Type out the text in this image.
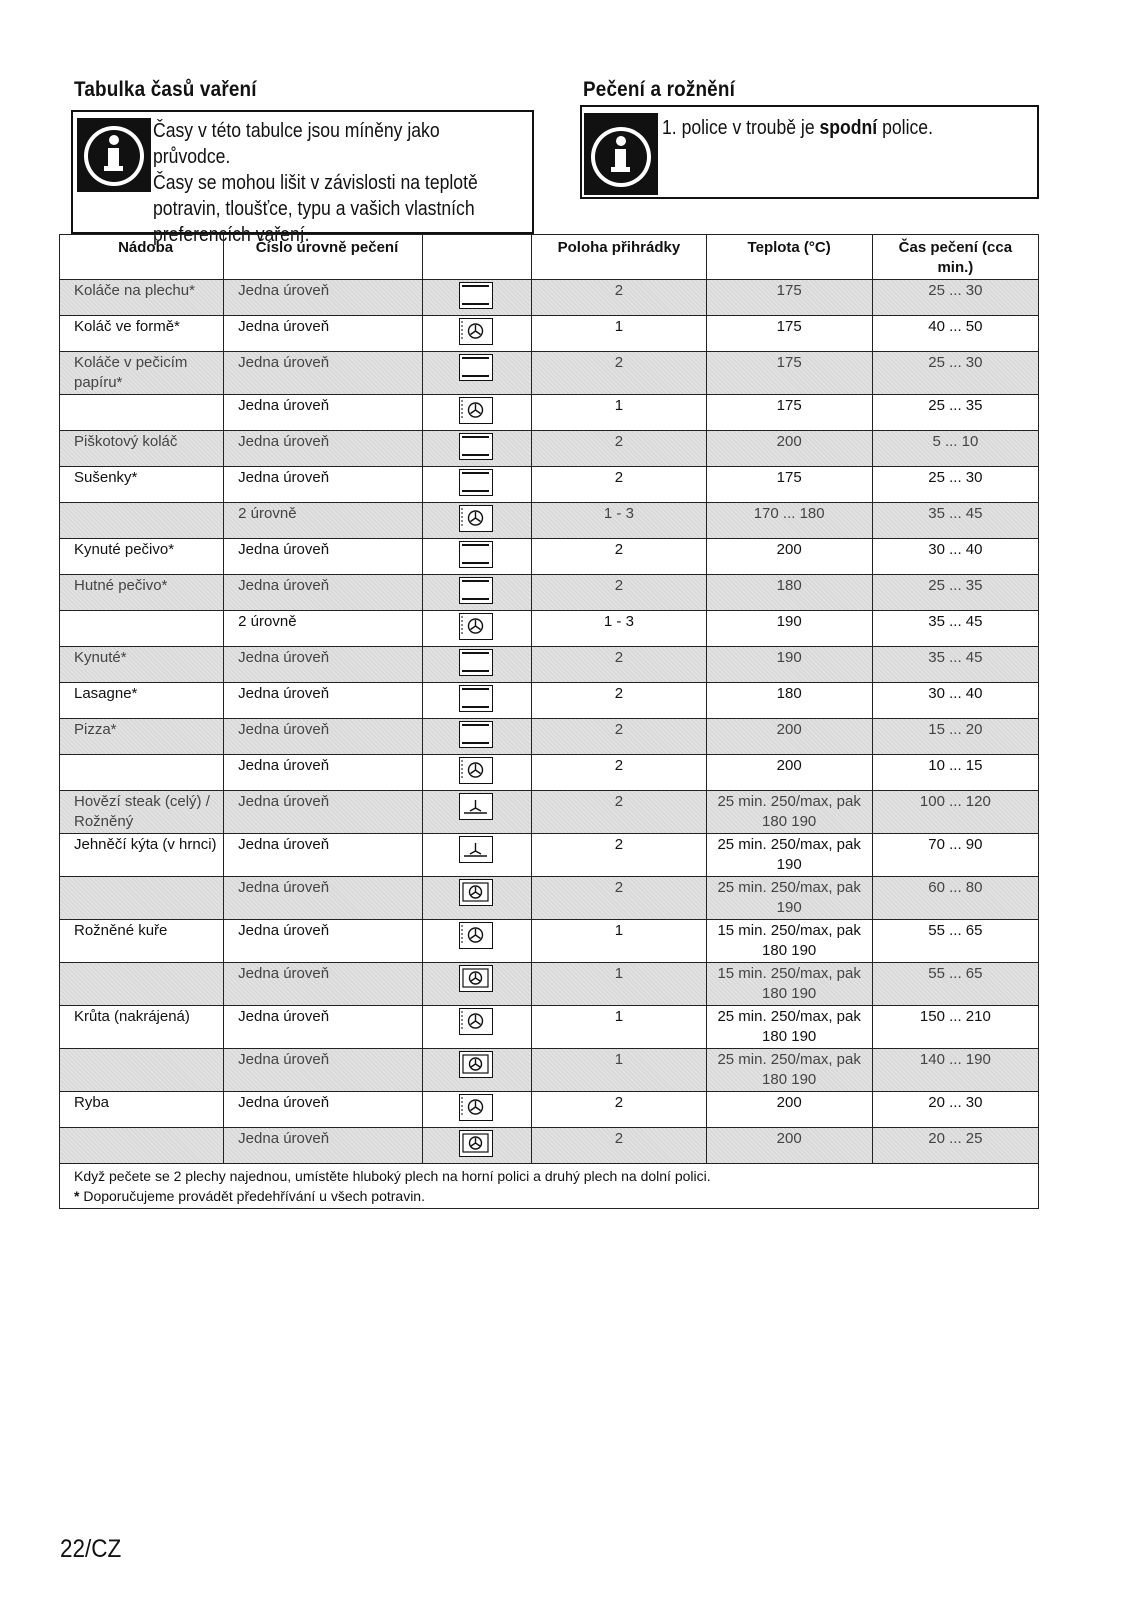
Tabulka časů vaření	Pečení a rožnění
Časy v této tabulce jsou míněny jako průvodce.
Časy se mohou lišit v závislosti na teplotě
potravin, tloušťce, typu a vašich vlastních
preferencích vaření.
1. police v troubě je spodní police.
Nádoba	Číslo úrovně pečení		Poloha přihrádky	Teplota (°C)	Čas pečení (cca min.)
Koláče na plechu*	Jedna úroveň		2	175	25 ... 30
Koláč ve formě*	Jedna úroveň		1	175	40 ... 50
Koláče v pečicím papíru*	Jedna úroveň		2	175	25 ... 30
	Jedna úroveň		1	175	25 ... 35
Piškotový koláč	Jedna úroveň		2	200	5 ... 10
Sušenky*	Jedna úroveň		2	175	25 ... 30
	2 úrovně		1 - 3	170 ... 180	35 ... 45
Kynuté pečivo*	Jedna úroveň		2	200	30 ... 40
Hutné pečivo*	Jedna úroveň		2	180	25 ... 35
	2 úrovně		1 - 3	190	35 ... 45
Kynuté*	Jedna úroveň		2	190	35 ... 45
Lasagne*	Jedna úroveň		2	180	30 ... 40
Pizza*	Jedna úroveň		2	200	15 ... 20
	Jedna úroveň		2	200	10 ... 15
Hovězí steak (celý) / Rožněný	Jedna úroveň		2	25 min. 250/max, pak 180 190	100 ... 120
Jehněčí kýta (v hrnci)	Jedna úroveň		2	25 min. 250/max, pak 190	70 ... 90
	Jedna úroveň		2	25 min. 250/max, pak 190	60 ... 80
Rožněné kuře	Jedna úroveň		1	15 min. 250/max, pak 180 190	55 ... 65
	Jedna úroveň		1	15 min. 250/max, pak 180 190	55 ... 65
Krůta (nakrájená)	Jedna úroveň		1	25 min. 250/max, pak 180 190	150 ... 210
	Jedna úroveň		1	25 min. 250/max, pak 180 190	140 ... 190
Ryba	Jedna úroveň		2	200	20 ... 30
	Jedna úroveň		2	200	20 ... 25

Když pečete se 2 plechy najednou, umístěte hluboký plech na horní polici a druhý plech na dolní polici.
* Doporučujeme provádět předehřívání u všech potravin.					
22/CZ
